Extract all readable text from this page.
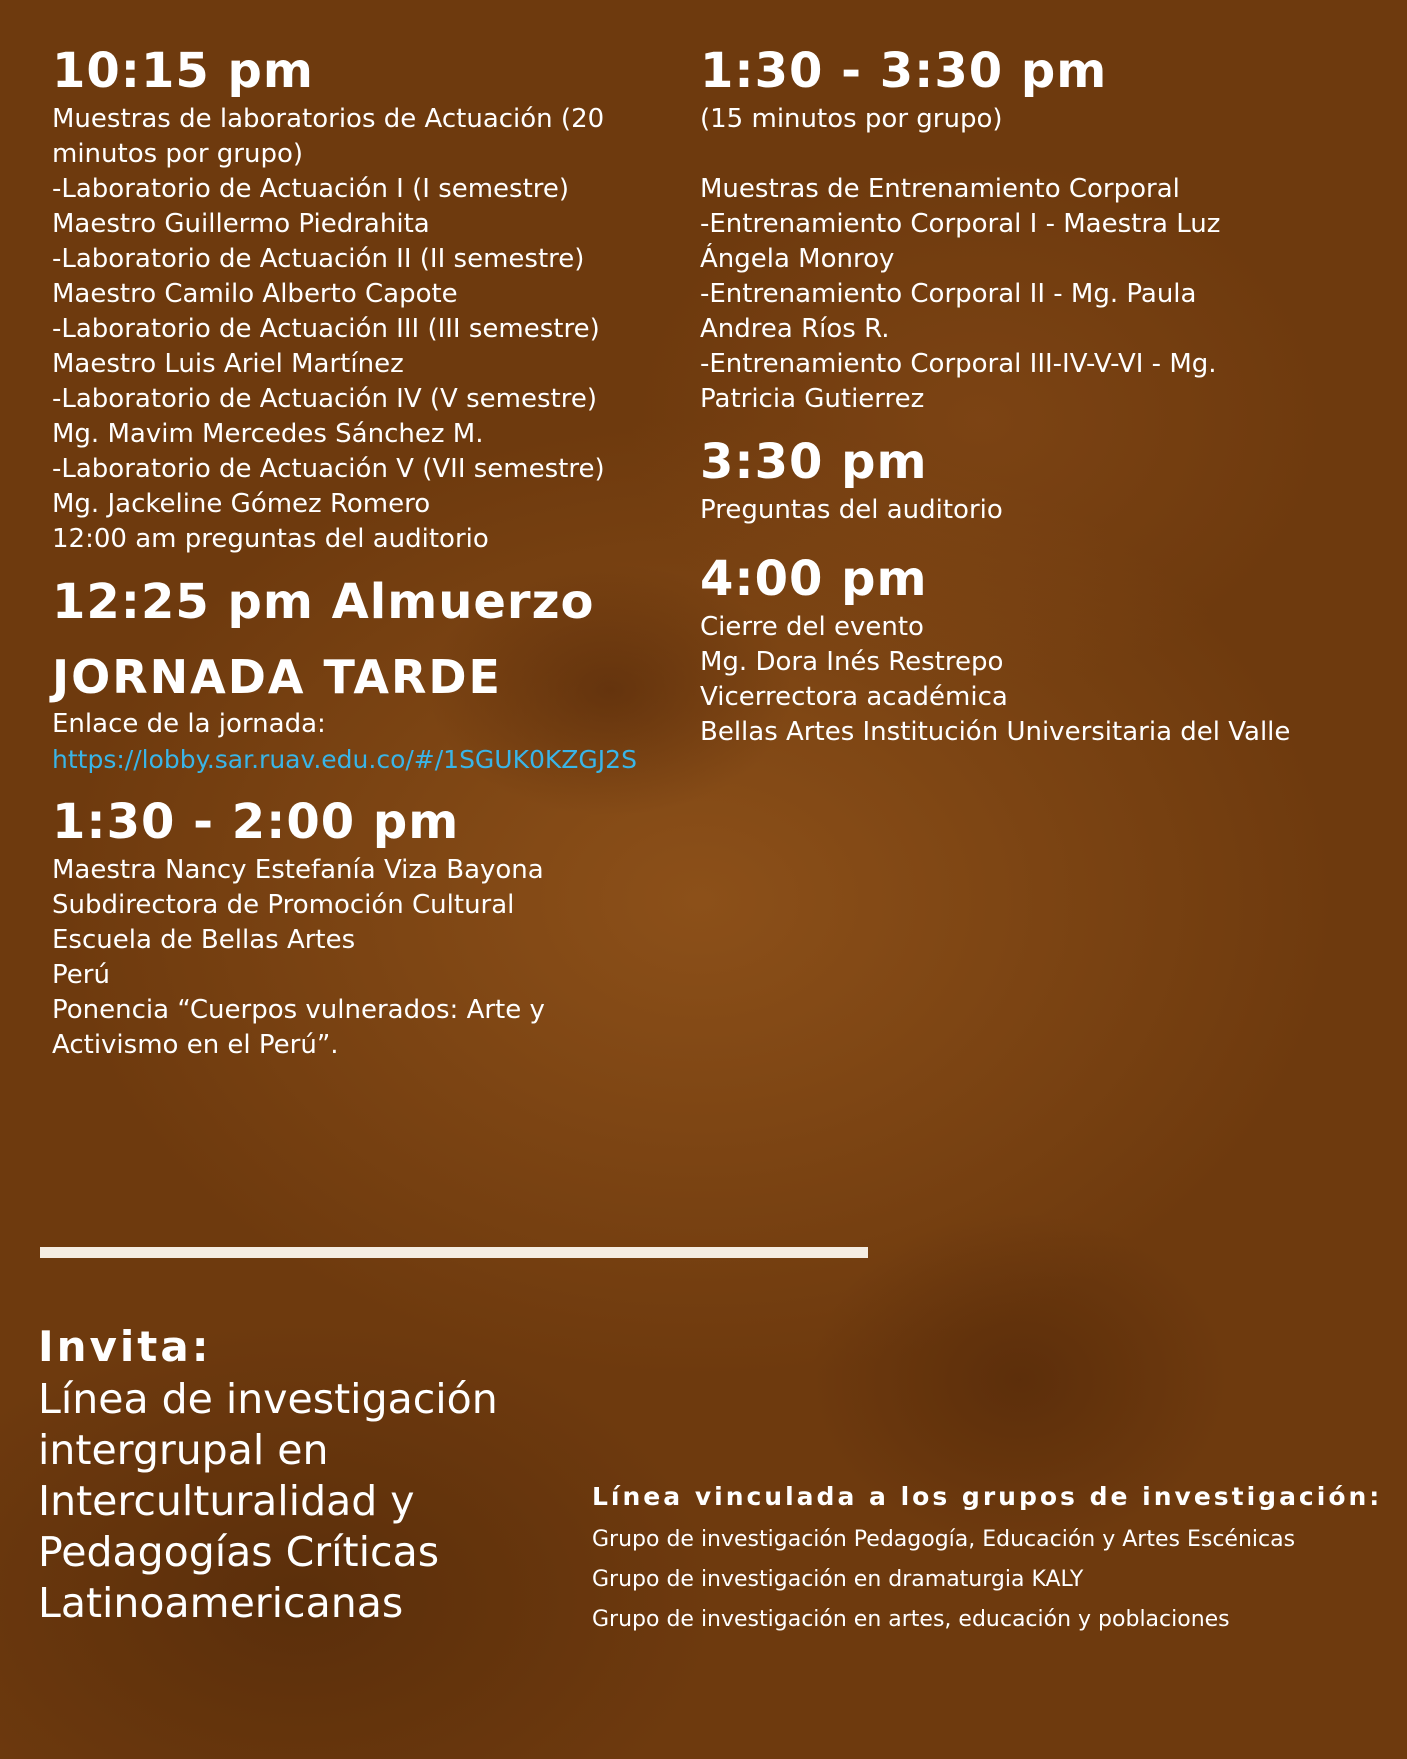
10:15 pm

Muestras de laboratorios de Actuación (20

minutos por grupo)

-Laboratorio de Actuación I (I semestre)

Maestro Guillermo Piedrahita

-Laboratorio de Actuación II (II semestre)

Maestro Camilo Alberto Capote

-Laboratorio de Actuación III (III semestre)

Maestro Luis Ariel Martínez

-Laboratorio de Actuación IV (V semestre)

Mg. Mavim Mercedes Sánchez M.

-Laboratorio de Actuación V (VII semestre)

Mg. Jackeline Gómez Romero

12:00 am preguntas del auditorio

12:25 pm Almuerzo
JORNADA TARDE

Enlace de la jornada:

https://lobby.sar.ruav.edu.co/#/1SGUK0KZGJ2S
1:30 - 2:00 pm

Maestra Nancy Estefanía Viza Bayona

Subdirectora de Promoción Cultural

Escuela de Bellas Artes

Perú

Ponencia “Cuerpos vulnerados: Arte y

Activismo en el Perú”.

1:30 - 3:30 pm

(15 minutos por grupo)

Muestras de Entrenamiento Corporal

-Entrenamiento Corporal I - Maestra Luz

Ángela Monroy

-Entrenamiento Corporal II - Mg. Paula

Andrea Ríos R.

-Entrenamiento Corporal III-IV-V-VI - Mg.

Patricia Gutierrez

3:30 pm

Preguntas del auditorio

4:00 pm

Cierre del evento

Mg. Dora Inés Restrepo

Vicerrectora académica

Bellas Artes Institución Universitaria del Valle

Invita:

Línea de investigación

intergrupal en

Interculturalidad y

Pedagogías Críticas

Latinoamericanas

Línea vinculada a los grupos de investigación:

Grupo de investigación Pedagogía, Educación y Artes Escénicas

Grupo de investigación en dramaturgia KALY

Grupo de investigación en artes, educación y poblaciones
